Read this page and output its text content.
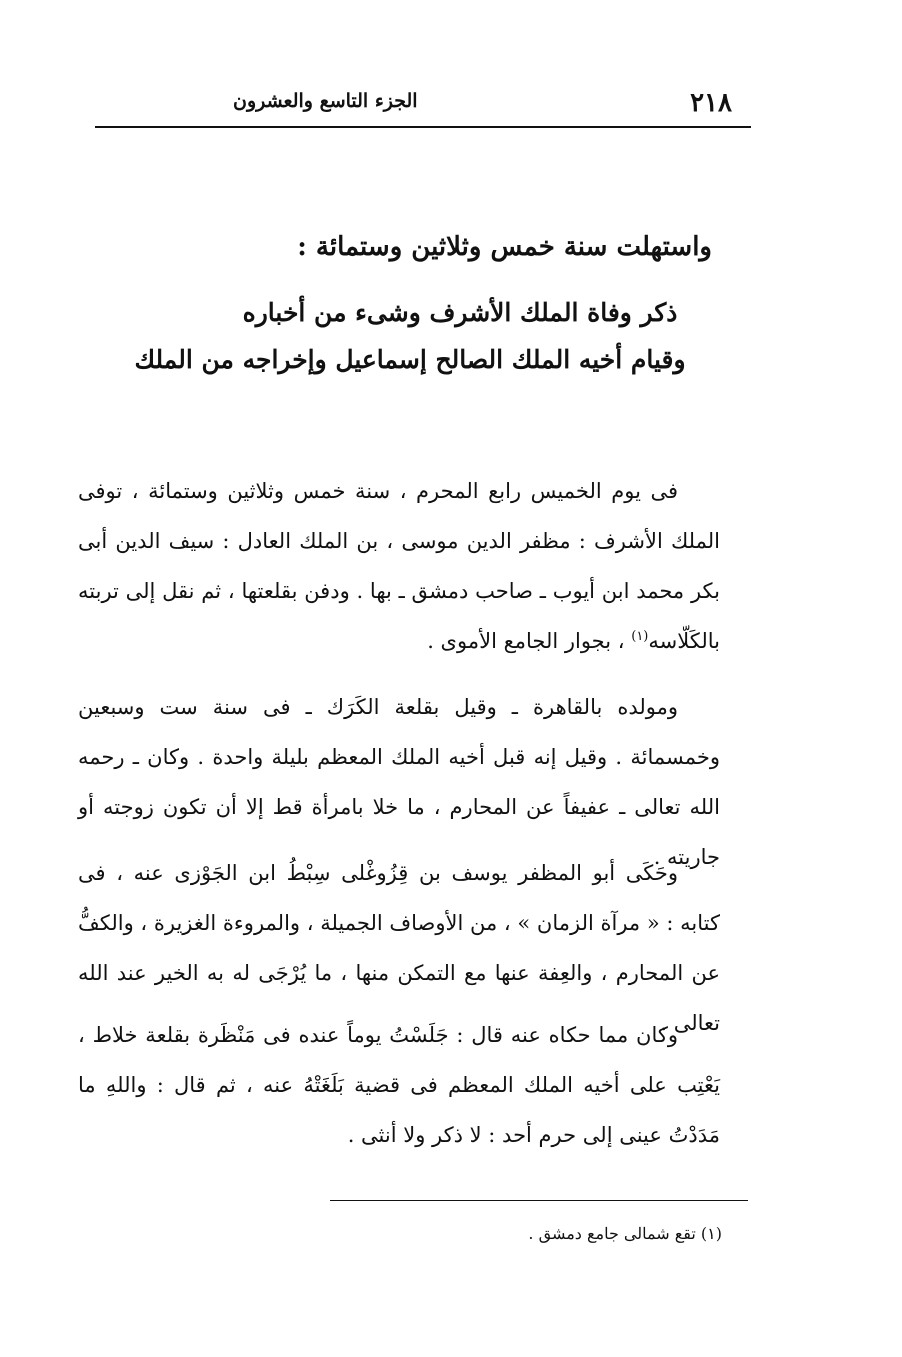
٢١٨
الجزء التاسع والعشرون
واستهلت سنة خمس وثلاثين وستمائة :
ذكر وفاة الملك الأشرف وشىء من أخباره
وقيام أخيه الملك الصالح إسماعيل وإخراجه من الملك

فى يوم الخميس رابع المحرم ، سنة خمس وثلاثين وستمائة ، توفى الملك الأشرف : مظفر الدين موسى ، بن الملك العادل : سيف الدين أبى بكر محمد ابن أيوب ـ صاحب دمشق ـ بها . ودفن بقلعتها ، ثم نقل إلى تربته بالكَلّاسه$^{(١)}$ ، بجوار الجامع الأموى .

ومولده بالقاهرة ـ وقيل بقلعة الكَرَك ـ فى سنة ست وسبعين وخمسمائة . وقيل إنه قبل أخيه الملك المعظم بليلة واحدة . وكان ـ رحمه الله تعالى ـ عفيفاً عن المحارم ، ما خلا بامرأة قط إلا أن تكون زوجته أو جاريته .

وحَكَى أبو المظفر يوسف بن قِزُوغْلى سِبْطُ ابن الجَوْزى عنه ، فى كتابه : « مرآة الزمان » ، من الأوصاف الجميلة ، والمروءة الغزيرة ، والكفُّ عن المحارم ، والعِفة عنها مع التمكن منها ، ما يُرْجَى له به الخير عند الله تعالى .

وكان مما حكاه عنه قال : جَلَسْتُ يوماً عنده فى مَنْظَرة بقلعة خلاط ، يَعْتِب على أخيه الملك المعظم فى قضية بَلَغَتْهُ عنه ، ثم قال : واللهِ ما مَدَدْتُ عينى إلى حرم أحد : لا ذكر ولا أنثى .

(١) تقع شمالى جامع دمشق .
